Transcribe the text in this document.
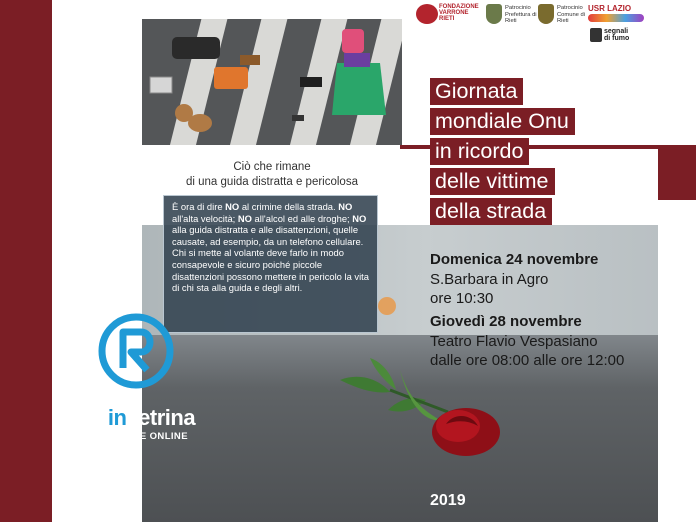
Ciò che rimane
di una guida distratta e pericolosa

È ora di dire NO al crimine della strada. NO all'alta velocità; NO all'alcol ed alle droghe; NO alla guida distratta e alle disattenzioni, quelle causate, ad esempio, da un telefono cellulare. Chi si mette al volante deve farlo in modo consapevole e sicuro poiché piccole disattenzioni possono mettere in pericolo la vita di chi sta alla guida e degli altri.

Giornata
mondiale Onu
in ricordo
delle vittime
della strada
Domenica 24 novembre
S.Barbara in Agro
ore 10:30
Giovedì 28 novembre
Teatro Flavio Vespasiano
dalle ore 08:00 alle ore 12:00
2019
rietiinvetrina
MAZIONE ONLINE
FONDAZIONE VARRONE RIETI
Patrocinio Prefettura di Rieti
Patrocinio Comune di Rieti
USR LAZIO
segnali
di fumo
